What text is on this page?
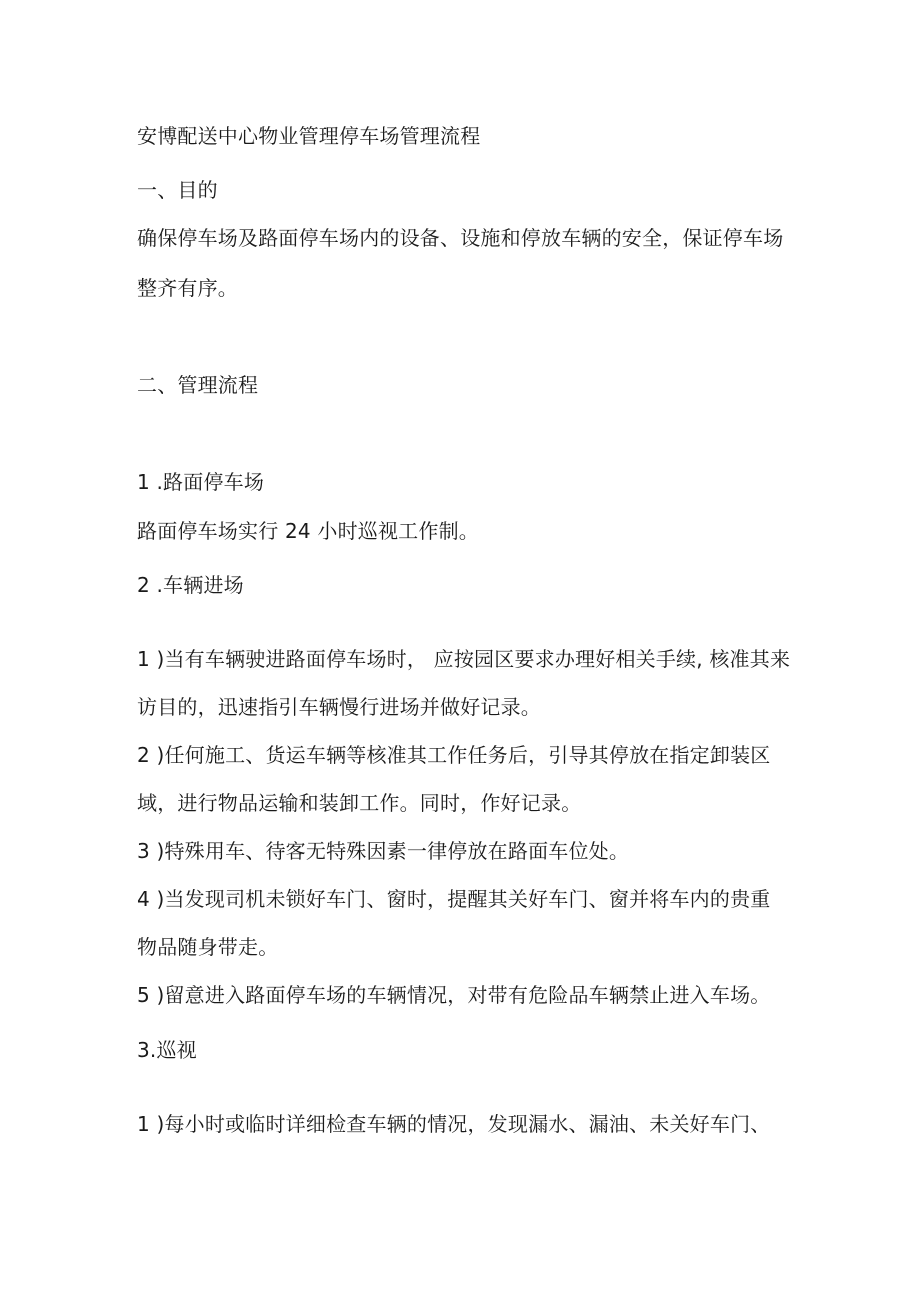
安博配送中心物业管理停车场管理流程
一、目的
确保停车场及路面停车场内的设备、设施和停放车辆的安全，保证停车场
整齐有序。
二、管理流程
1 .路面停车场
路面停车场实行 24 小时巡视工作制。
2 .车辆进场
1 )当有车辆驶进路面停车场时， 应按园区要求办理好相关手续, 核准其来
访目的，迅速指引车辆慢行进场并做好记录。
2 )任何施工、货运车辆等核准其工作任务后，引导其停放在指定卸装区
域，进行物品运输和装卸工作。同时，作好记录。
3 )特殊用车、待客无特殊因素一律停放在路面车位处。
4 )当发现司机未锁好车门、窗时，提醒其关好车门、窗并将车内的贵重
物品随身带走。
5 )留意进入路面停车场的车辆情况，对带有危险品车辆禁止进入车场。
3.巡视
1 )每小时或临时详细检查车辆的情况，发现漏水、漏油、未关好车门、
